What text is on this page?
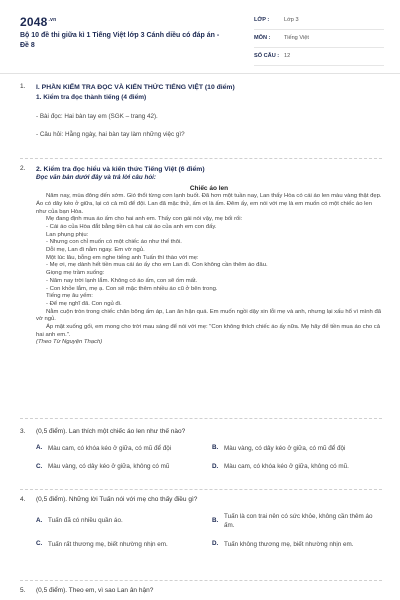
$2048^{.vn}$
Bộ 10 đề thi giữa kì 1 Tiếng Việt lớp 3 Cánh diều có đáp án - Đề 8
LỚP :	Lớp 3
MÔN :	Tiếng Việt
SỐ CÂU : 12
1. I. PHẦN KIỂM TRA ĐỌC VÀ KIẾN THỨC TIẾNG VIỆT (10 điểm)
1. Kiểm tra đọc thành tiếng (4 điểm)
- Bài đọc: Hai bàn tay em (SGK – trang 42).
- Câu hỏi: Hằng ngày, hai bàn tay làm những việc gì?
2. 2. Kiểm tra đọc hiểu và kiến thức Tiếng Việt (6 điểm)
Đọc văn bản dưới đây và trả lời câu hỏi:
Chiếc áo len

Năm nay, mùa đông đến sớm. Gió thổi từng cơn lạnh buốt. Đã hơn một tuần nay, Lan thấy Hòa có cái áo len màu vàng thật đẹp. Áo có dây kéo ở giữa, lại có cả mũ để đội. Lan đã mặc thử, ấm ơi là ấm. Đêm ấy, em nói với mẹ là em muốn có một chiếc áo len như của bạn Hòa.

Mẹ đang định mua áo ấm cho hai anh em. Thấy con gái nói vậy, mẹ bối rối:

- Cái áo của Hòa đắt bằng tiền cả hai cái áo của anh em con đấy.

Lan phụng phịu:

- Nhưng con chỉ muốn có một chiếc áo như thế thôi.

Dỗi mẹ, Lan đi nằm ngay. Em vờ ngủ.

Một lúc lâu, bỗng em nghe tiếng anh Tuấn thì thào với mẹ:

- Mẹ ơi, mẹ dành hết tiền mua cái áo ấy cho em Lan đi. Con không cần thêm áo đâu.

Giọng mẹ trầm xuống:

- Năm nay trời lạnh lắm. Không có áo ấm, con sẽ ốm mất.

- Con khỏe lắm, mẹ ạ. Con sẽ mặc thêm nhiều áo cũ ở bên trong.

Tiếng mẹ âu yếm:

- Để mẹ nghĩ đã. Con ngủ đi.

Nằm cuộn tròn trong chiếc chăn bông ấm áp, Lan ân hận quá. Em muốn ngồi dậy xin lỗi mẹ và anh, nhưng lại xấu hổ vì mình đã vờ ngủ.

Áp mặt xuống gối, em mong cho trời mau sáng để nói với mẹ: "Con không thích chiếc áo ấy nữa. Mẹ hãy để tiền mua áo cho cả hai anh em.".

(Theo Từ Nguyện Thạch)

3. (0,5 điểm). Lan thích một chiếc áo len như thế nào?
A. Màu cam, có khóa kéo ở giữa, có mũ để đội	B. Màu vàng, có dây kéo ở giữa, có mũ để đội
C. Màu vàng, có dây kéo ở giữa, không có mũ	D. Màu cam, có khóa kéo ở giữa, không có mũ.
4. (0,5 điểm). Những lời Tuấn nói với mẹ cho thấy điều gì?
A. Tuấn đã có nhiều quần áo.	B.
Tuấn là con trai nên có sức khỏe, không cần thêm áo ấm.
C. Tuấn rất thương mẹ, biết nhường nhịn em.	D. Tuấn không thương mẹ, biết nhường nhịn em.
5. (0,5 điểm). Theo em, vì sao Lan ân hận?
